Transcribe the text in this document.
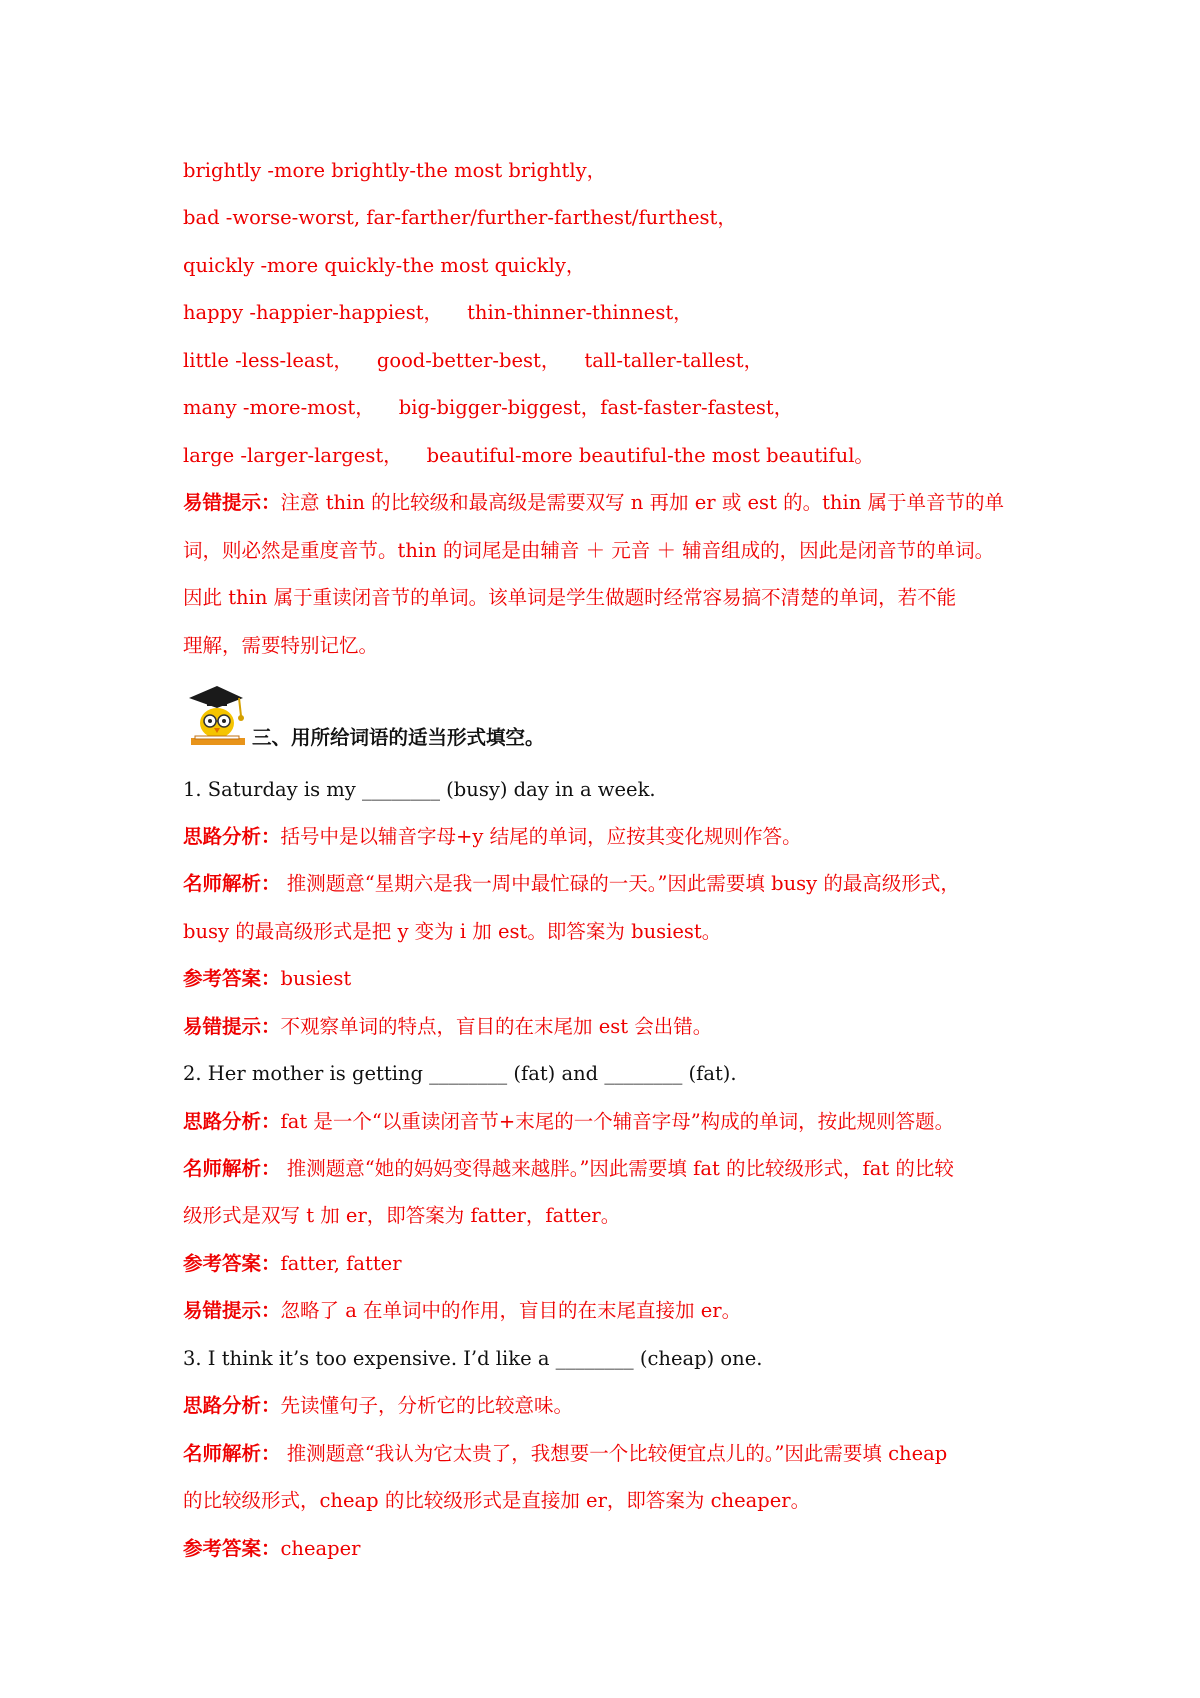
brightly -more brightly-the most brightly，
bad -worse-worst, far-farther/further-farthest/furthest，
quickly -more quickly-the most quickly，
happy -happier-happiest， thin-thinner-thinnest，
little -less-least， good-better-best， tall-taller-tallest，
many -more-most， big-bigger-biggest，fast-faster-fastest，
large -larger-largest， beautiful-more beautiful-the most beautiful。
易错提示：注意 thin 的比较级和最高级是需要双写 n 再加 er 或 est 的。thin 属于单音节的单
词，则必然是重度音节。thin 的词尾是由辅音 ＋ 元音 ＋ 辅音组成的，因此是闭音节的单词。
因此 thin 属于重读闭音节的单词。该单词是学生做题时经常容易搞不清楚的单词，若不能
理解，需要特别记忆。
三、用所给词语的适当形式填空。
1. Saturday is my ________ (busy) day in a week.
思路分析：括号中是以辅音字母+y 结尾的单词，应按其变化规则作答。
名师解析： 推测题意“星期六是我一周中最忙碌的一天。”因此需要填 busy 的最高级形式，
busy 的最高级形式是把 y 变为 i 加 est。即答案为 busiest。
参考答案：busiest
易错提示：不观察单词的特点，盲目的在末尾加 est 会出错。
2. Her mother is getting ________ (fat) and ________ (fat).
思路分析：fat 是一个“以重读闭音节+末尾的一个辅音字母”构成的单词，按此规则答题。
名师解析： 推测题意“她的妈妈变得越来越胖。”因此需要填 fat 的比较级形式，fat 的比较
级形式是双写 t 加 er，即答案为 fatter，fatter。
参考答案：fatter, fatter
易错提示：忽略了 a 在单词中的作用，盲目的在末尾直接加 er。
3. I think it’s too expensive. I’d like a ________ (cheap) one.
思路分析：先读懂句子，分析它的比较意味。
名师解析： 推测题意“我认为它太贵了，我想要一个比较便宜点儿的。”因此需要填 cheap
的比较级形式，cheap 的比较级形式是直接加 er，即答案为 cheaper。
参考答案：cheaper
